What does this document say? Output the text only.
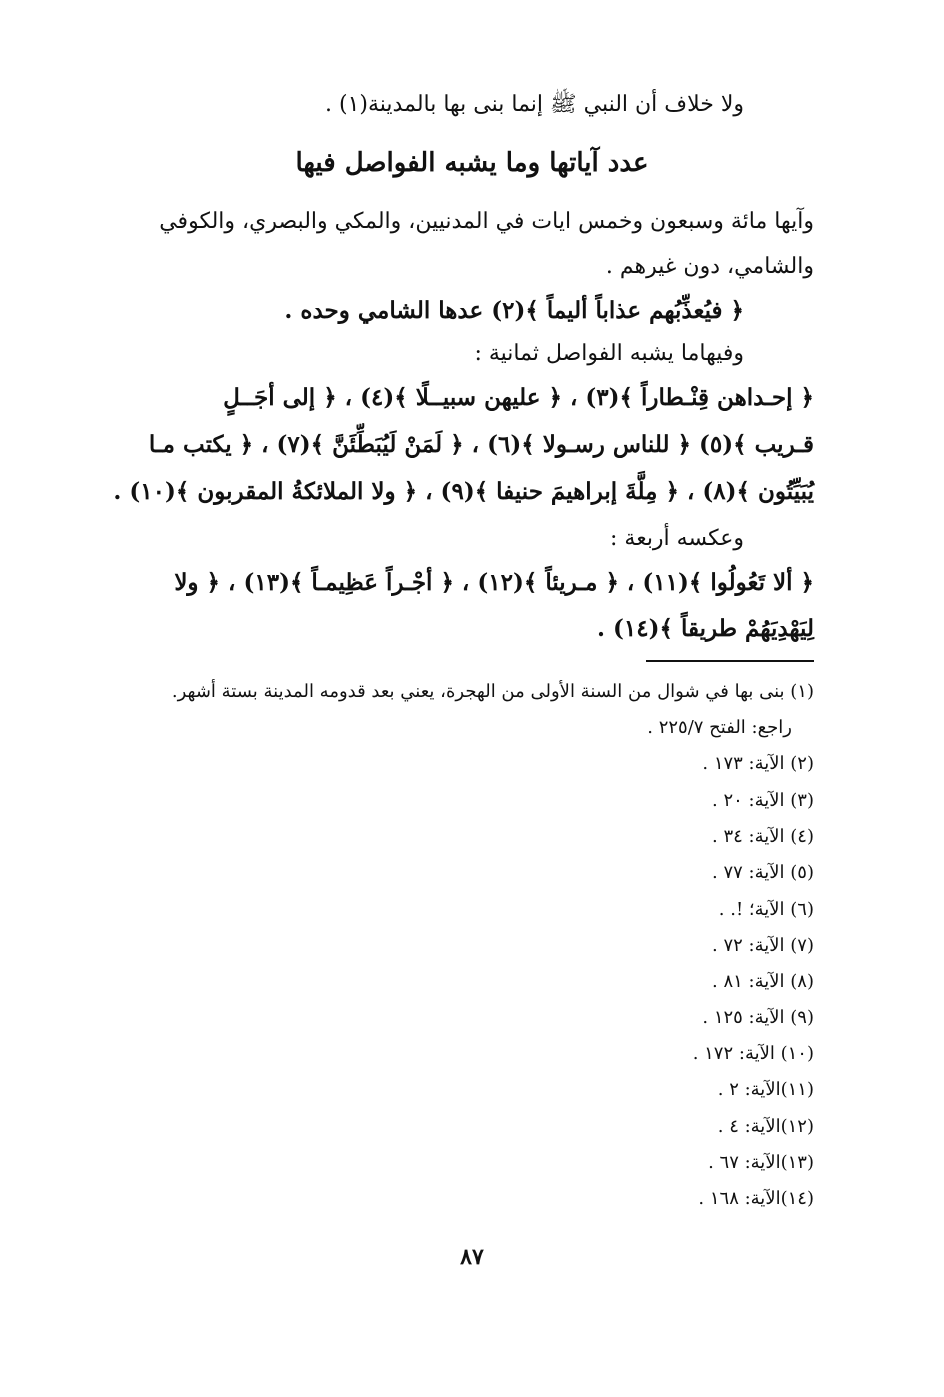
ولا خلاف أن النبي ﷺ إنما بنى بها بالمدينة(١) .
عدد آياتها وما يشبه الفواصل فيها
وآيها مائة وسبعون وخمس ايات في المدنيين، والمكي والبصري، والكوفي
والشامي، دون غيرهم .
﴿ فيُعذِّبُهم عذاباً أليماً ﴾(٢) عدها الشامي وحده .
وفيهاما يشبه الفواصل ثمانية :
﴿ إحـداهن قِنْـطاراً ﴾(٣) ، ﴿ عليهن سبيــلًا ﴾(٤) ، ﴿ إلى أجَــلٍ
قـريب ﴾(٥) ﴿ للناس رسـولا ﴾(٦) ، ﴿ لَمَنْ لَيُبَطِّئَنَّ ﴾(٧) ، ﴿ يكتب مـا
يُبَيِّتُون ﴾(٨) ، ﴿ مِلَّةَ إبراهيمَ حنيفا ﴾(٩) ، ﴿ ولا الملائكةُ المقربون ﴾(١٠) .
وعكسه أربعة :
﴿ ألا تَعُولُوا ﴾(١١) ، ﴿ مـريئاً ﴾(١٢) ، ﴿ أجْـراً عَظِيمـاً ﴾(١٣) ، ﴿ ولا
لِيَهْدِيَهُمْ طريقاً ﴾(١٤) .
(١) بنى بها في شوال من السنة الأولى من الهجرة، يعني بعد قدومه المدينة بستة أشهر.
راجع: الفتح ٢٢٥/٧ .
(٢) الآية: ١٧٣ .
(٣) الآية: ٢٠ .
(٤) الآية: ٣٤ .
(٥) الآية: ٧٧ .
(٦) الآية؛ !. .
(٧) الآية: ٧٢ .
(٨) الآية: ٨١ .
(٩) الآية: ١٢٥ .
(١٠) الآية: ١٧٢ .
(١١)الآية: ٢ .
(١٢)الآية: ٤ .
(١٣)الآية: ٦٧ .
(١٤)الآية: ١٦٨ .
٨٧
